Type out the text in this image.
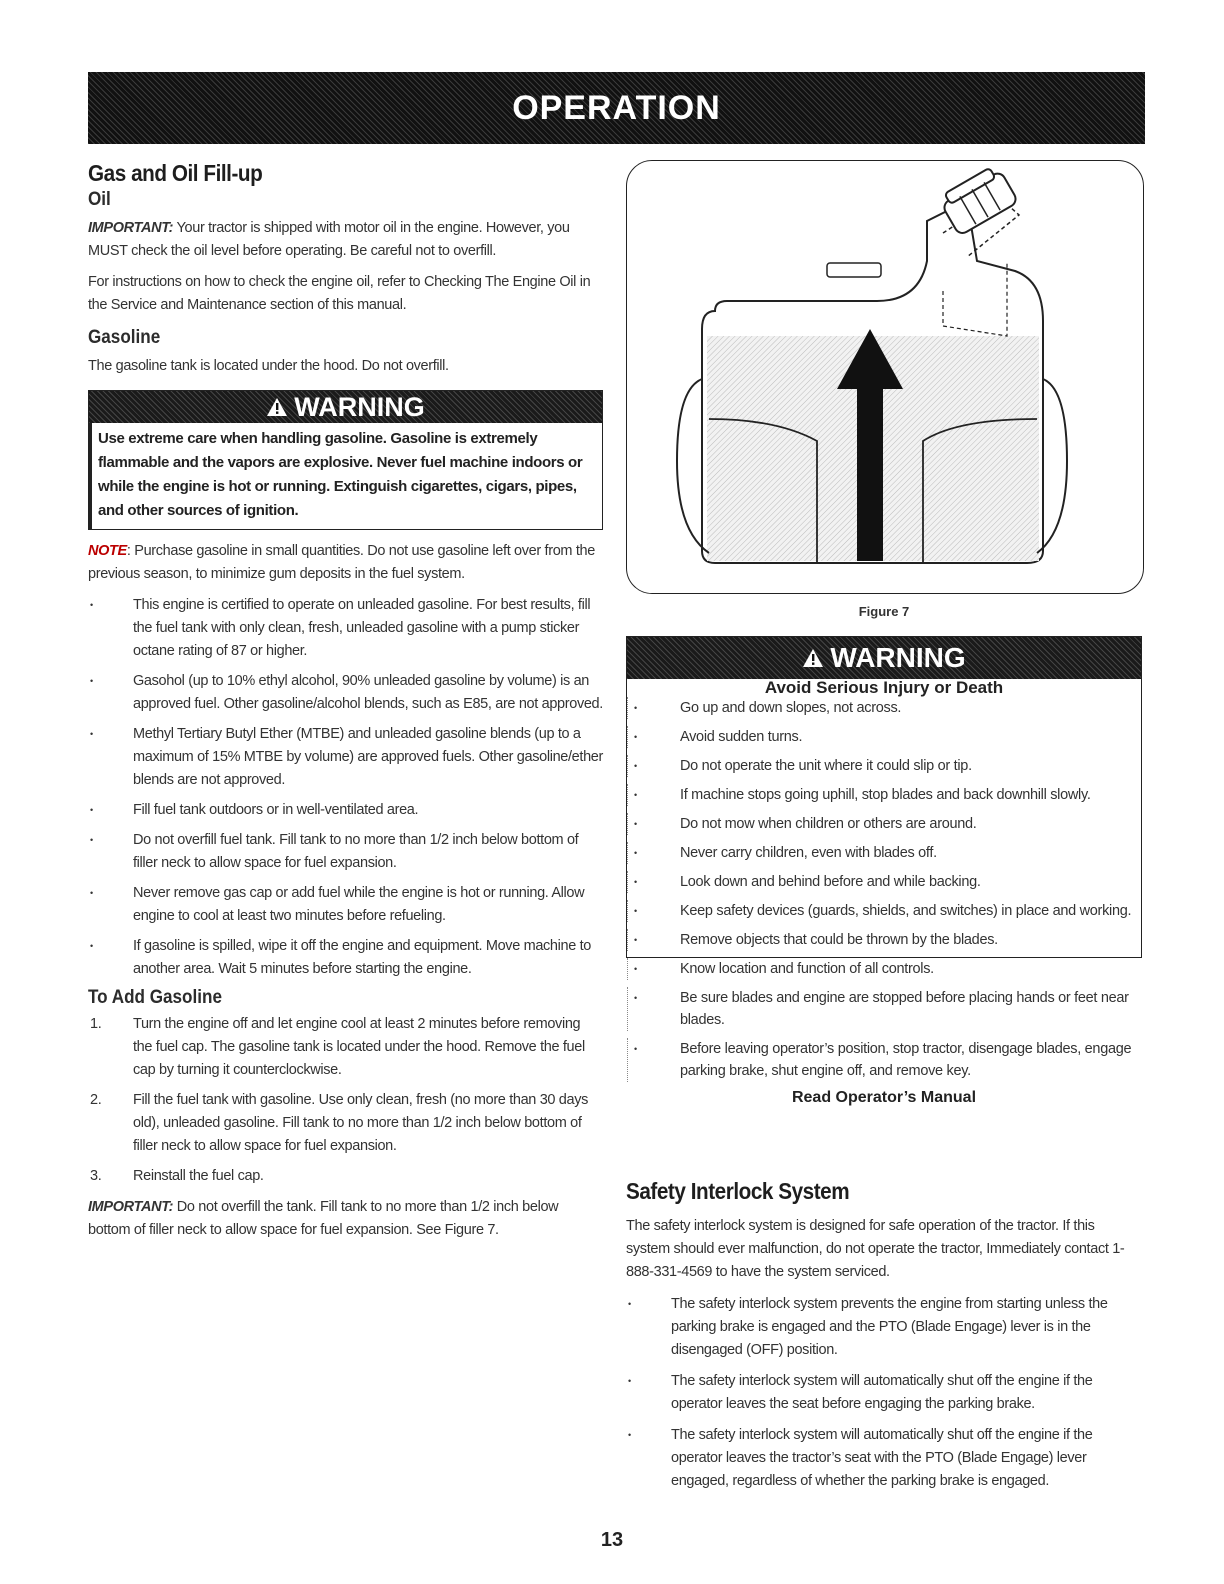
OPERATION
Gas and Oil Fill-up
Oil

IMPORTANT: Your tractor is shipped with motor oil in the engine. However, you MUST check the oil level before operating. Be careful not to overfill.

For instructions on how to check the engine oil, refer to Checking The Engine Oil in the Service and Maintenance section of this manual.

Gasoline

The gasoline tank is located under the hood. Do not overfill.

WARNING
Use extreme care when handling gasoline. Gasoline is extremely flammable and the vapors are explosive. Never fuel machine indoors or while the engine is hot or running. Extinguish cigarettes, cigars, pipes, and other sources of ignition.

NOTE: Purchase gasoline in small quantities. Do not use gasoline left over from the previous season, to minimize gum deposits in the fuel system.

• This engine is certified to operate on unleaded gasoline. For best results, fill the fuel tank with only clean, fresh, unleaded gasoline with a pump sticker octane rating of 87 or higher.
• Gasohol (up to 10% ethyl alcohol, 90% unleaded gasoline by volume) is an approved fuel. Other gasoline/alcohol blends, such as E85, are not approved.
• Methyl Tertiary Butyl Ether (MTBE) and unleaded gasoline blends (up to a maximum of 15% MTBE by volume) are approved fuels. Other gasoline/ether blends are not approved.
• Fill fuel tank outdoors or in well-ventilated area.
• Do not overfill fuel tank. Fill tank to no more than 1/2 inch below bottom of filler neck to allow space for fuel expansion.
• Never remove gas cap or add fuel while the engine is hot or running. Allow engine to cool at least two minutes before refueling.
• If gasoline is spilled, wipe it off the engine and equipment. Move machine to another area. Wait 5 minutes before starting the engine.
To Add Gasoline
1. Turn the engine off and let engine cool at least 2 minutes before removing the fuel cap. The gasoline tank is located under the hood. Remove the fuel cap by turning it counterclockwise.
2. Fill the fuel tank with gasoline. Use only clean, fresh (no more than 30 days old), unleaded gasoline. Fill tank to no more than 1/2 inch below bottom of filler neck to allow space for fuel expansion.
3. Reinstall the fuel cap.

IMPORTANT: Do not overfill the tank. Fill tank to no more than 1/2 inch below bottom of filler neck to allow space for fuel expansion. See Figure 7.

Figure 7
WARNING
Avoid Serious Injury or Death
• Go up and down slopes, not across.
• Avoid sudden turns.
• Do not operate the unit where it could slip or tip.
• If machine stops going uphill, stop blades and back downhill slowly.
• Do not mow when children or others are around.
• Never carry children, even with blades off.
• Look down and behind before and while backing.
• Keep safety devices (guards, shields, and switches) in place and working.
• Remove objects that could be thrown by the blades.
• Know location and function of all controls.
• Be sure blades and engine are stopped before placing hands or feet near blades.
• Before leaving operator’s position, stop tractor, disengage blades, engage parking brake, shut engine off, and remove key.
Read Operator’s Manual
Safety Interlock System

The safety interlock system is designed for safe operation of the tractor. If this system should ever malfunction, do not operate the tractor, Immediately contact 1-888-331-4569 to have the system serviced.

• The safety interlock system prevents the engine from starting unless the parking brake is engaged and the PTO (Blade Engage) lever is in the disengaged (OFF) position.
• The safety interlock system will automatically shut off the engine if the operator leaves the seat before engaging the parking brake.
• The safety interlock system will automatically shut off the engine if the operator leaves the tractor’s seat with the PTO (Blade Engage) lever engaged, regardless of whether the parking brake is engaged.
13
